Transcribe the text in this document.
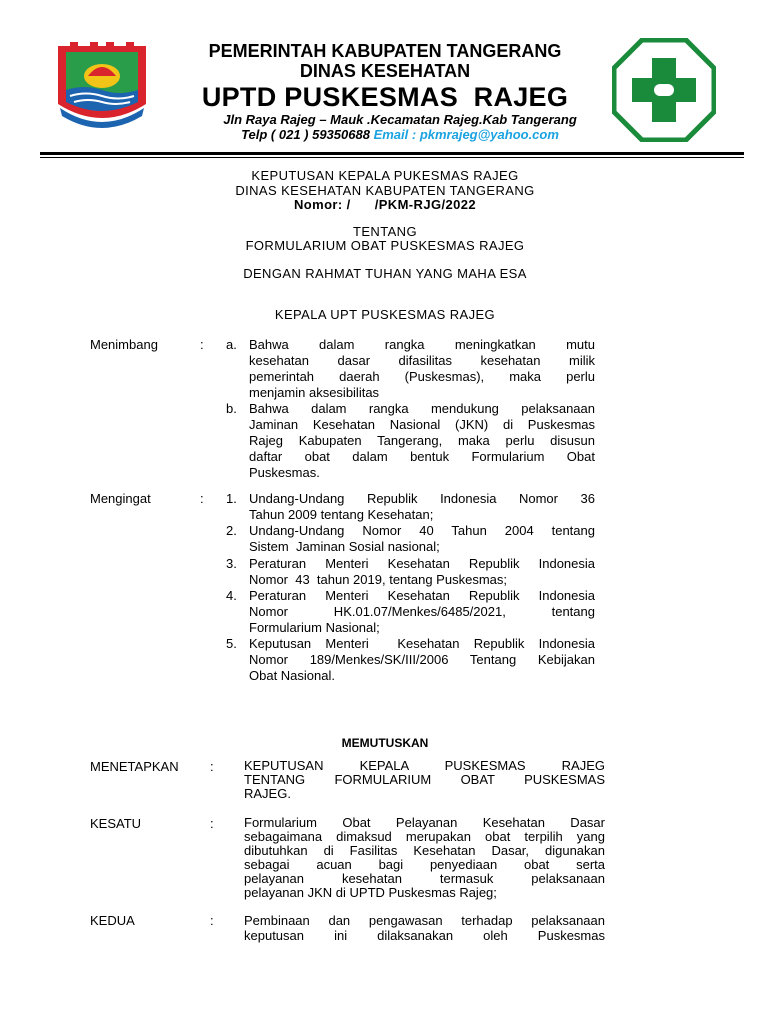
PEMERINTAH KABUPATEN TANGERANG
DINAS KESEHATAN
UPTD PUSKESMAS  RAJEG
Jln Raya Rajeg – Mauk .Kecamatan Rajeg.Kab Tangerang
Telp ( 021 ) 59350688 Email : pkmrajeg@yahoo.com
KEPUTUSAN KEPALA PUKESMAS RAJEG
DINAS KESEHATAN KABUPATEN TANGERANG
Nomor: /      /PKM-RJG/2022
TENTANG
FORMULARIUM OBAT PUSKESMAS RAJEG
DENGAN RAHMAT TUHAN YANG MAHA ESA
KEPALA UPT PUSKESMAS RAJEG
Menimbang	: a. Bahwa dalam rangka meningkatkan mutu

kesehatan dasar difasilitas kesehatan milik

pemerintah daerah (Puskesmas), maka perlu

menjamin aksesibilitas

b. Bahwa dalam rangka mendukung pelaksanaan

Jaminan Kesehatan Nasional (JKN) di Puskesmas

Rajeg Kabupaten Tangerang, maka perlu disusun

daftar obat dalam bentuk Formularium Obat

Puskesmas.

Mengingat	: 1. Undang-Undang Republik Indonesia Nomor 36

Tahun 2009 tentang Kesehatan;

2. Undang-Undang Nomor 40 Tahun 2004 tentang

Sistem  Jaminan Sosial nasional;

3. Peraturan Menteri Kesehatan Republik Indonesia

Nomor  43  tahun 2019, tentang Puskesmas;

4. Peraturan Menteri Kesehatan Republik Indonesia

Nomor HK.01.07/Menkes/6485/2021, tentang

Formularium Nasional;

5. Keputusan Menteri  Kesehatan Republik Indonesia

Nomor 189/Menkes/SK/III/2006 Tentang Kebijakan

Obat Nasional.

MEMUTUSKAN
MENETAPKAN : KEPUTUSAN KEPALA PUSKESMAS RAJEG

TENTANG FORMULARIUM OBAT PUSKESMAS

RAJEG.

KESATU	: Formularium Obat Pelayanan Kesehatan Dasar

sebagaimana dimaksud merupakan obat terpilih yang

dibutuhkan di Fasilitas Kesehatan Dasar, digunakan

sebagai acuan bagi penyediaan obat serta

pelayanan kesehatan termasuk pelaksanaan

pelayanan JKN di UPTD Puskesmas Rajeg;

KEDUA	: Pembinaan dan pengawasan terhadap pelaksanaan

keputusan ini dilaksanakan oleh Puskesmas
